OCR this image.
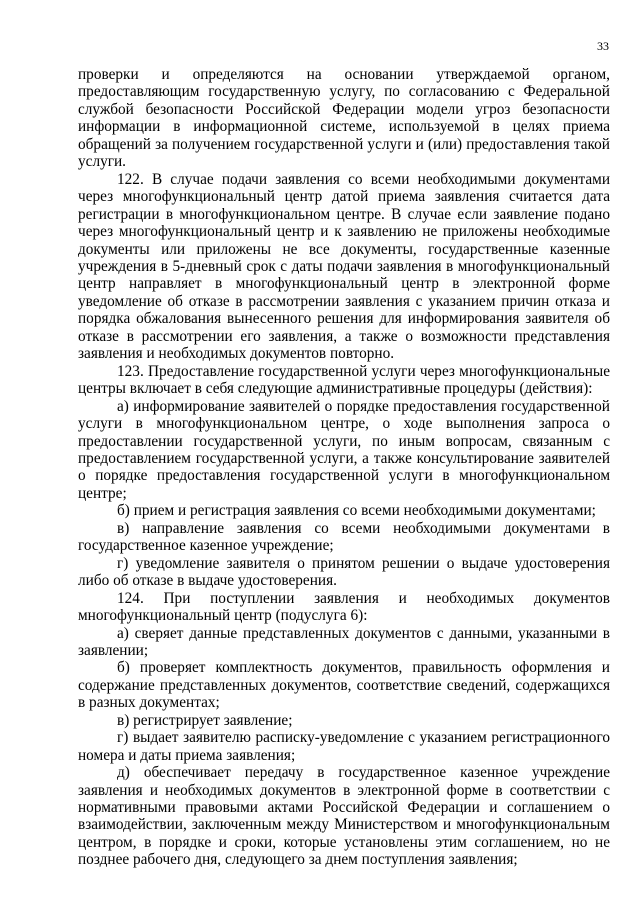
33

проверки и определяются на основании утверждаемой органом, предоставляющим государственную услугу, по согласованию с Федеральной службой безопасности Российской Федерации модели угроз безопасности информации в информационной системе, используемой в целях приема обращений за получением государственной услуги и (или) предоставления такой услуги.

122. В случае подачи заявления со всеми необходимыми документами через многофункциональный центр датой приема заявления считается дата регистрации в многофункциональном центре. В случае если заявление подано через многофункциональный центр и к заявлению не приложены необходимые документы или приложены не все документы, государственные казенные учреждения в 5-дневный срок с даты подачи заявления в многофункциональный центр направляет в многофункциональный центр в электронной форме уведомление об отказе в рассмотрении заявления с указанием причин отказа и порядка обжалования вынесенного решения для информирования заявителя об отказе в рассмотрении его заявления, а также о возможности представления заявления и необходимых документов повторно.

123. Предоставление государственной услуги через многофункциональные центры включает в себя следующие административные процедуры (действия):

а) информирование заявителей о порядке предоставления государственной услуги в многофункциональном центре, о ходе выполнения запроса о предоставлении государственной услуги, по иным вопросам, связанным с предоставлением государственной услуги, а также консультирование заявителей о порядке предоставления государственной услуги в многофункциональном центре;

б) прием и регистрация заявления со всеми необходимыми документами;

в) направление заявления со всеми необходимыми документами в государственное казенное учреждение;

г) уведомление заявителя о принятом решении о выдаче удостоверения либо об отказе в выдаче удостоверения.

124. При поступлении заявления и необходимых документов многофункциональный центр (подуслуга 6):

а) сверяет данные представленных документов с данными, указанными в заявлении;

б) проверяет комплектность документов, правильность оформления и содержание представленных документов, соответствие сведений, содержащихся в разных документах;

в) регистрирует заявление;

г) выдает заявителю расписку-уведомление с указанием регистрационного номера и даты приема заявления;

д) обеспечивает передачу в государственное казенное учреждение заявления и необходимых документов в электронной форме в соответствии с нормативными правовыми актами Российской Федерации и соглашением о взаимодействии, заключенным между Министерством и многофункциональным центром, в порядке и сроки, которые установлены этим соглашением, но не позднее рабочего дня, следующего за днем поступления заявления;
